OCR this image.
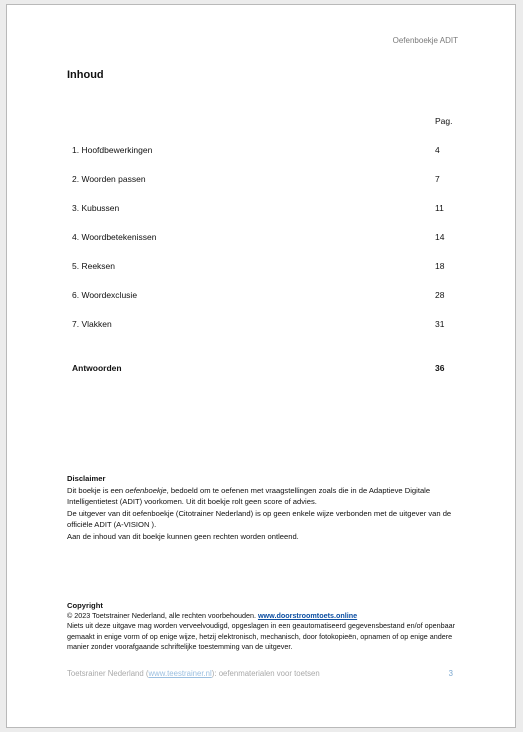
Oefenboekje ADIT
Inhoud
Pag.
1. Hoofdbewerkingen	4
2. Woorden passen	7
3. Kubussen	11
4. Woordbetekenissen	14
5. Reeksen	18
6. Woordexclusie	28
7. Vlakken	31
Antwoorden	36
Disclaimer
Dit boekje is een oefenboekje, bedoeld om te oefenen met vraagstellingen zoals die in de Adaptieve Digitale Intelligentietest (ADIT) voorkomen. Uit dit boekje rolt geen score of advies.
De uitgever van dit oefenboekje (Citotrainer Nederland) is op geen enkele wijze verbonden met de uitgever van de officiële ADIT (A-VISION ).
Aan de inhoud van dit boekje kunnen geen rechten worden ontleend.
Copyright
© 2023 Toetstrainer Nederland, alle rechten voorbehouden. www.doorstroomtoets.online
Niets uit deze uitgave mag worden verveelvoudigd, opgeslagen in een geautomatiseerd gegevensbestand en/of openbaar gemaakt in enige vorm of op enige wijze, hetzij elektronisch, mechanisch, door fotokopieën, opnamen of op enige andere manier zonder voorafgaande schriftelijke toestemming van de uitgever.
Toetsrainer Nederland (www.teestrainer.nl): oefenmaterialen voor toetsen	3
